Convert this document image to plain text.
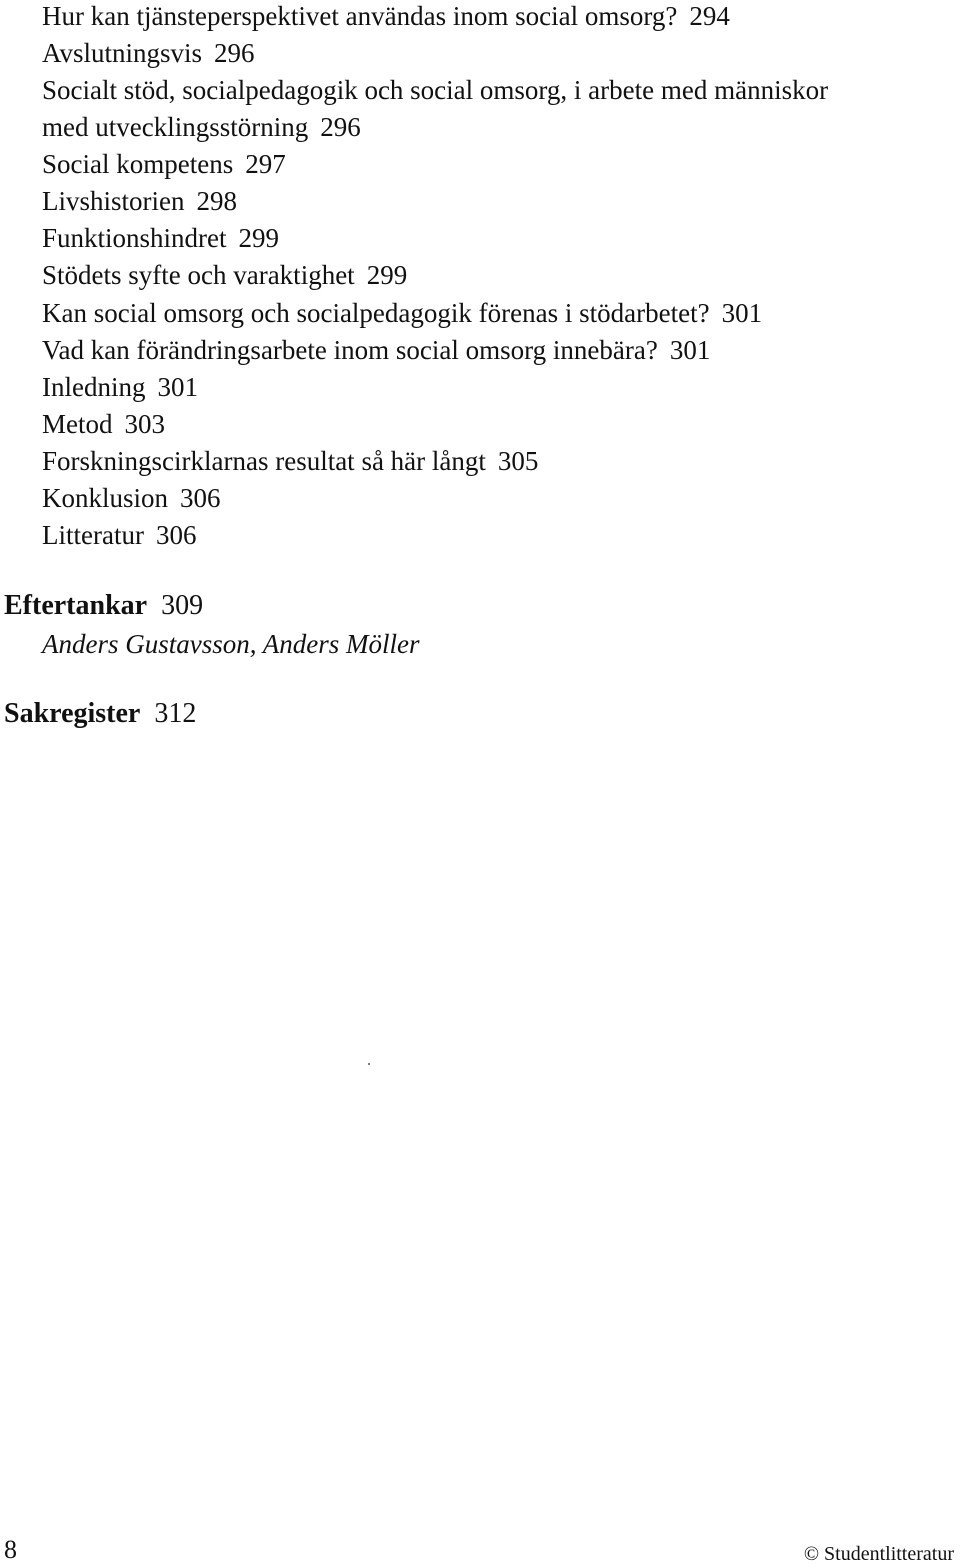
Hur kan tjänsteperspektivet användas inom social omsorg? 294
Avslutningsvis 296
Socialt stöd, socialpedagogik och social omsorg, i arbete med människor
med utvecklingsstörning 296
Social kompetens 297
Livshistorien 298
Funktionshindret 299
Stödets syfte och varaktighet 299
Kan social omsorg och socialpedagogik förenas i stödarbetet? 301
Vad kan förändringsarbete inom social omsorg innebära? 301
Inledning 301
Metod 303
Forskningscirklarnas resultat så här långt 305
Konklusion 306
Litteratur 306
Eftertankar 309
Anders Gustavsson, Anders Möller
Sakregister 312
8	© Studentlitteratur
